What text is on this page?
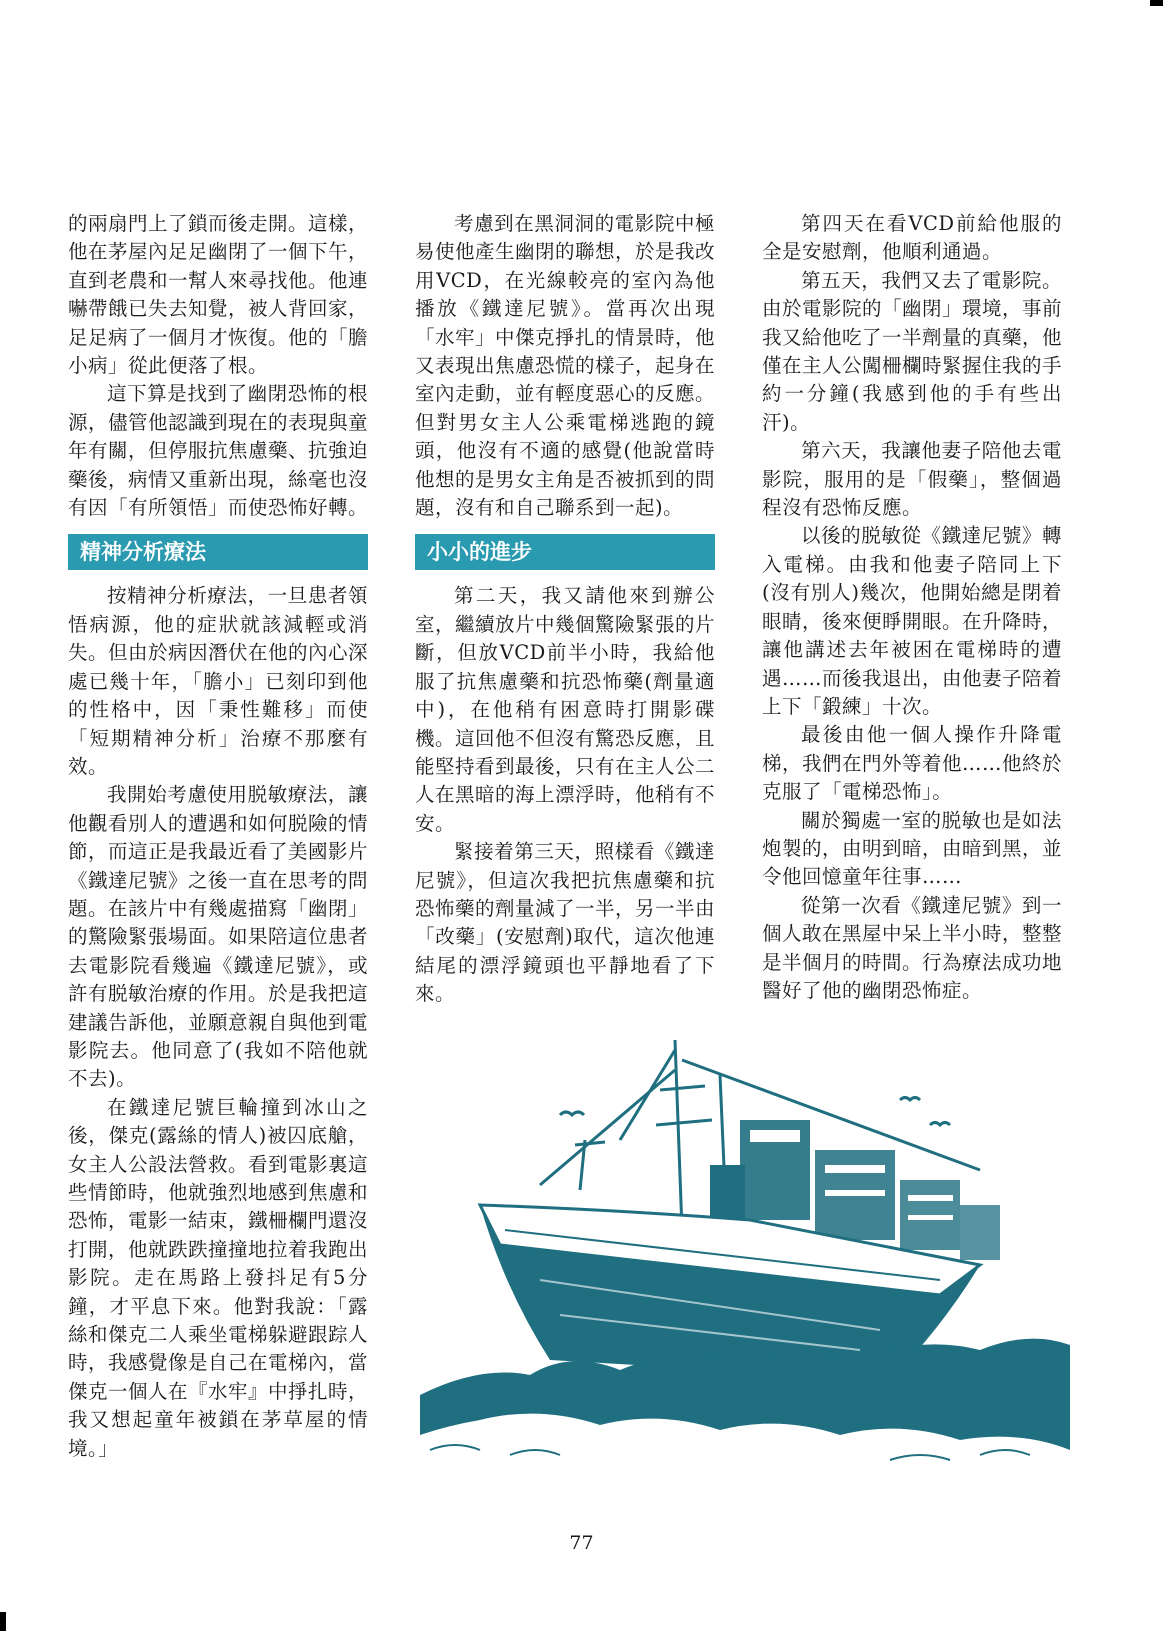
的兩扇門上了鎖而後走開。這樣，他在茅屋內足足幽閉了一個下午，直到老農和一幫人來尋找他。他連嚇帶餓已失去知覺，被人背回家，足足病了一個月才恢復。他的「膽小病」從此便落了根。

這下算是找到了幽閉恐怖的根源，儘管他認識到現在的表現與童年有關，但停服抗焦慮藥、抗強迫藥後，病情又重新出現，絲毫也沒有因「有所領悟」而使恐怖好轉。

精神分析療法

按精神分析療法，一旦患者領悟病源，他的症狀就該減輕或消失。但由於病因潛伏在他的內心深處已幾十年，「膽小」已刻印到他的性格中，因「秉性難移」而使「短期精神分析」治療不那麼有效。

我開始考慮使用脱敏療法，讓他觀看別人的遭遇和如何脱險的情節，而這正是我最近看了美國影片《鐵達尼號》之後一直在思考的問題。在該片中有幾處描寫「幽閉」的驚險緊張場面。如果陪這位患者去電影院看幾遍《鐵達尼號》，或許有脱敏治療的作用。於是我把這建議告訴他，並願意親自與他到電影院去。他同意了(我如不陪他就不去)。

在鐵達尼號巨輪撞到冰山之後，傑克(露絲的情人)被囚底艙，女主人公設法營救。看到電影裏這些情節時，他就強烈地感到焦慮和恐怖，電影一結束，鐵柵欄門還沒打開，他就跌跌撞撞地拉着我跑出影院。走在馬路上發抖足有5分鐘，才平息下來。他對我說：「露絲和傑克二人乘坐電梯躲避跟踪人時，我感覺像是自己在電梯內，當傑克一個人在『水牢』中掙扎時，我又想起童年被鎖在茅草屋的情境。」

考慮到在黑洞洞的電影院中極易使他產生幽閉的聯想，於是我改用VCD，在光線較亮的室內為他播放《鐵達尼號》。當再次出現「水牢」中傑克掙扎的情景時，他又表現出焦慮恐慌的樣子，起身在室內走動，並有輕度惡心的反應。但對男女主人公乘電梯逃跑的鏡頭，他沒有不適的感覺(他說當時他想的是男女主角是否被抓到的問題，沒有和自己聯系到一起)。

小小的進步

第二天，我又請他來到辦公室，繼續放片中幾個驚險緊張的片斷，但放VCD前半小時，我給他服了抗焦慮藥和抗恐怖藥(劑量適中)，在他稍有困意時打開影碟機。這回他不但沒有驚恐反應，且能堅持看到最後，只有在主人公二人在黑暗的海上漂浮時，他稍有不安。

緊接着第三天，照樣看《鐵達尼號》，但這次我把抗焦慮藥和抗恐怖藥的劑量減了一半，另一半由「改藥」(安慰劑)取代，這次他連結尾的漂浮鏡頭也平靜地看了下來。

第四天在看VCD前給他服的全是安慰劑，他順利通過。

第五天，我們又去了電影院。由於電影院的「幽閉」環境，事前我又給他吃了一半劑量的真藥，他僅在主人公闖柵欄時緊握住我的手約一分鐘(我感到他的手有些出汗)。

第六天，我讓他妻子陪他去電影院，服用的是「假藥」，整個過程沒有恐怖反應。

以後的脱敏從《鐵達尼號》轉入電梯。由我和他妻子陪同上下(沒有別人)幾次，他開始總是閉着眼睛，後來便睜開眼。在升降時，讓他講述去年被困在電梯時的遭遇……而後我退出，由他妻子陪着上下「鍛練」十次。

最後由他一個人操作升降電梯，我們在門外等着他……他終於克服了「電梯恐怖」。

關於獨處一室的脱敏也是如法炮製的，由明到暗，由暗到黑，並令他回憶童年往事……

從第一次看《鐵達尼號》到一個人敢在黑屋中呆上半小時，整整是半個月的時間。行為療法成功地醫好了他的幽閉恐怖症。

77
